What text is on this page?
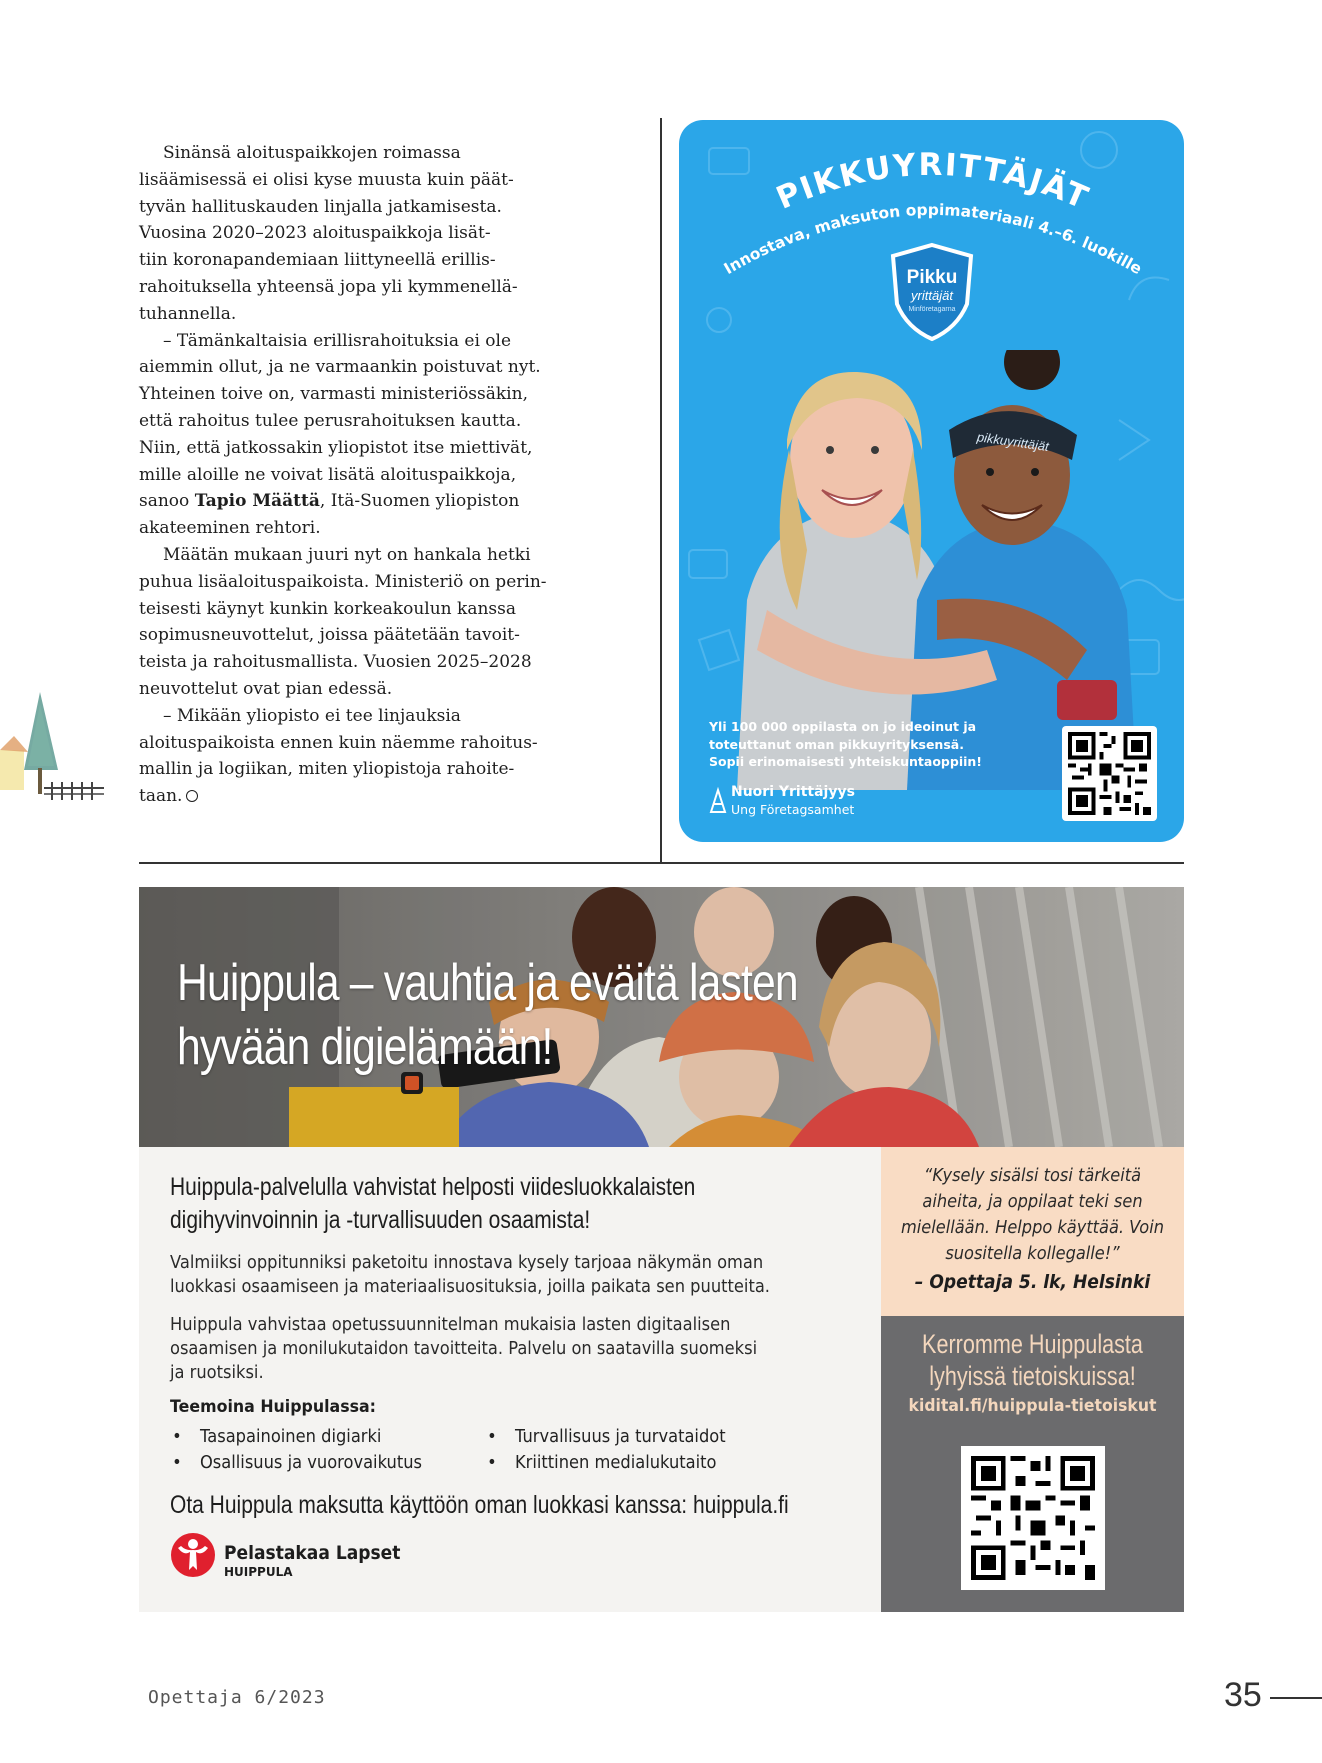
Sinänsä aloituspaikkojen roimassa

lisäämisessä ei olisi kyse muusta kuin päät-

tyvän hallituskauden linjalla jatkamisesta.

Vuosina 2020–2023 aloituspaikkoja lisät-

tiin koronapandemiaan liittyneellä erillis-

rahoituksella yhteensä jopa yli kymmenellä-

tuhannella.

– Tämänkaltaisia erillisrahoituksia ei ole

aiemmin ollut, ja ne varmaankin poistuvat nyt.

Yhteinen toive on, varmasti ministeriössäkin,

että rahoitus tulee perusrahoituksen kautta.

Niin, että jatkossakin yliopistot itse miettivät,

mille aloille ne voivat lisätä aloituspaikkoja,

sanoo Tapio Määttä, Itä-Suomen yliopiston

akateeminen rehtori.

Määtän mukaan juuri nyt on hankala hetki

puhua lisäaloituspaikoista. Ministeriö on perin-

teisesti käynyt kunkin korkeakoulun kanssa

sopimusneuvottelut, joissa päätetään tavoit-

teista ja rahoitusmallista. Vuosien 2025–2028

neuvottelut ovat pian edessä.

– Mikään yliopisto ei tee linjauksia

aloituspaikoista ennen kuin näemme rahoitus-

mallin ja logiikan, miten yliopistoja rahoite-

taan.

pikkuyrittäjät
PIKKUYRITTÄJÄT
Innostava, maksuton oppimateriaali 4.–6. luokille
Pikku
yrittäjät
Minföretagarna
Yli 100 000 oppilasta on jo ideoinut ja
toteuttanut oman pikkuyrityksensä.
Sopii erinomaisesti yhteiskuntaoppiin!
Nuori Yrittäjyys
Ung Företagsamhet
Huippula – vauhtia ja eväitä lasten
hyvään digielämään!
Huippula-palvelulla vahvistat helposti viidesluokkalaisten
digihyvinvoinnin ja -turvallisuuden osaamista!
Valmiiksi oppitunniksi paketoitu innostava kysely tarjoaa näkymän oman
luokkasi osaamiseen ja materiaalisuosituksia, joilla paikata sen puutteita.
Huippula vahvistaa opetussuunnitelman mukaisia lasten digitaalisen
osaamisen ja monilukutaidon tavoitteita. Palvelu on saatavilla suomeksi
ja ruotsiksi.
Teemoina Huippulassa:
• Tasapainoinen digiarki
• Osallisuus ja vuorovaikutus
• Turvallisuus ja turvataidot
• Kriittinen medialukutaito
Ota Huippula maksutta käyttöön oman luokkasi kanssa: huippula.fi
Pelastakaa Lapset
HUIPPULA
“Kysely sisälsi tosi tärkeitä
aiheita, ja oppilaat teki sen
mielellään. Helppo käyttää. Voin
suositella kollegalle!”
– Opettaja 5. lk, Helsinki
Kerromme Huippulasta
lyhyissä tietoiskuissa!
kidital.fi/huippula-tietoiskut
Opettaja 6/2023	35
